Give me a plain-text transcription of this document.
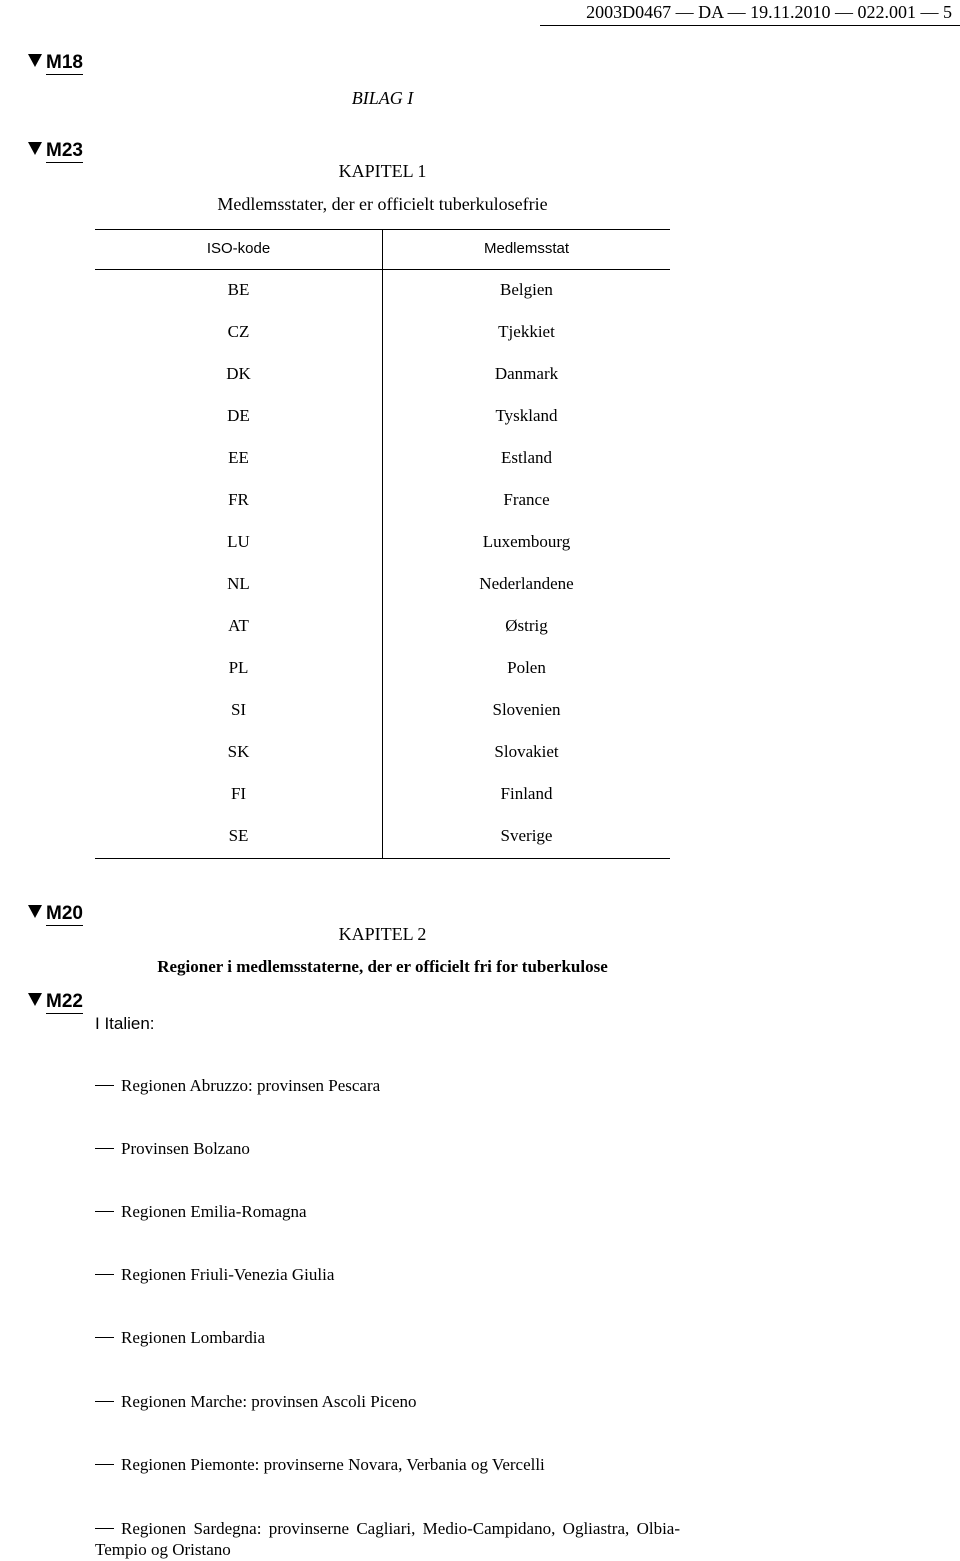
2003D0467 — DA — 19.11.2010 — 022.001 — 5
M18
BILAG I
M23
KAPITEL 1
Medlemsstater, der er officielt tuberkulosefrie
ISO-kode	Medlemsstat
BE	Belgien
CZ	Tjekkiet
DK	Danmark
DE	Tyskland
EE	Estland
FR	France
LU	Luxembourg
NL	Nederlandene
AT	Østrig
PL	Polen
SI	Slovenien
SK	Slovakiet
FI	Finland
SE	Sverige
M20
KAPITEL 2
Regioner i medlemsstaterne, der er officielt fri for tuberkulose
M22
I Italien:
Regionen Abruzzo: provinsen Pescara
Provinsen Bolzano
Regionen Emilia-Romagna
Regionen Friuli-Venezia Giulia
Regionen Lombardia
Regionen Marche: provinsen Ascoli Piceno
Regionen Piemonte: provinserne Novara, Verbania og Vercelli
Regionen Sardegna: provinserne Cagliari, Medio-Campidano, Ogliastra, Olbia-Tempio og Oristano
